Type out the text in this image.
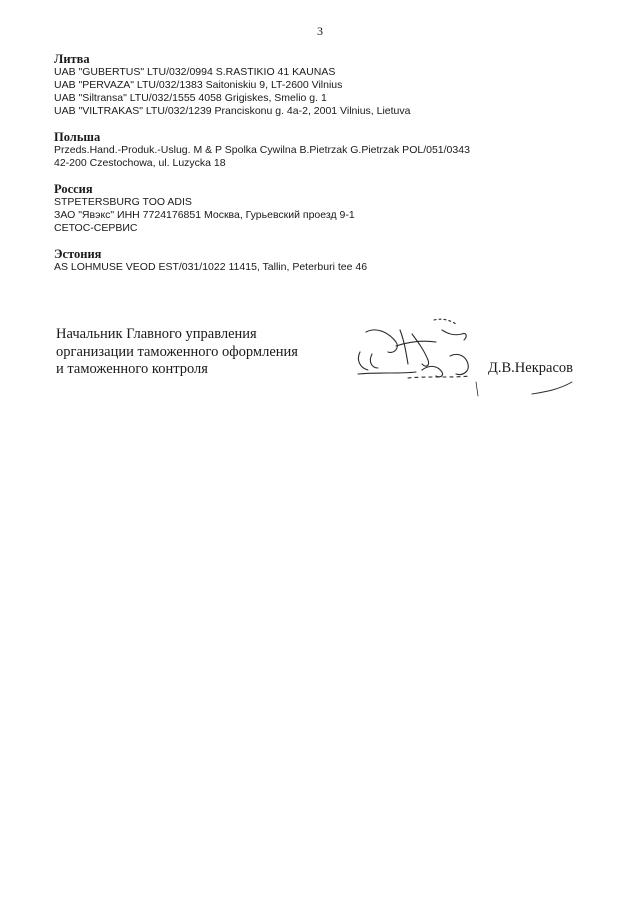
3

Литва

UAB "GUBERTUS" LTU/032/0994 S.RASTIKIO 41 KAUNAS

UAB "PERVAZA" LTU/032/1383 Saitoniskiu 9, LT-2600 Vilnius

UAB "Siltransa" LTU/032/1555 4058 Grigiskes, Smelio g. 1

UAB "VILTRAKAS" LTU/032/1239 Pranciskonu g. 4a-2, 2001 Vilnius, Lietuva

Польша

Przeds.Hand.-Produk.-Uslug. M & P Spolka Cywilna B.Pietrzak G.Pietrzak POL/051/0343

42-200 Czestochowa, ul. Luzycka 18

Россия

STPETERSBURG TOO ADIS

ЗАО "Явэкс" ИНН 7724176851 Москва, Гурьевский проезд 9-1

СЕТОС-СЕРВИС

Эстония

AS LOHMUSE VEOD EST/031/1022 11415, Tallin, Peterburi tee 46

Начальник Главного управления

организации таможенного оформления

и таможенного контроля	Д.В.Некрасов
